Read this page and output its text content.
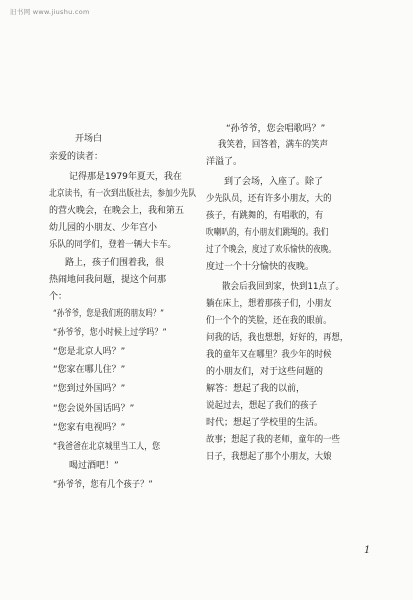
旧书网 www.jiushu.com
开场白
亲爱的读者：
记得那是1979年夏天，我在
北京读书，有一次到出版社去，参加少先队
的营火晚会，在晚会上，我和第五
幼儿园的小朋友、少年宫小
乐队的同学们，登着一辆大卡车。
路上，孩子们围着我，很
热闹地问我问题，提这个问那
个：
“孙爷爷，您是我们班的朋友吗？”
“孙爷爷，您小时候上过学吗？”
“您是北京人吗？”
“您家在哪儿住？”
“您到过外国吗？”
“您会说外国话吗？”
“您家有电视吗？”
“我爸爸在北京城里当工人，您
喝过酒吧！”
“孙爷爷，您有几个孩子？”
“孙爷爷，您会唱歌吗？”
我笑着，回答着，满车的笑声
洋溢了。
到了会场，入座了。除了
少先队员，还有许多小朋友，大的
孩子，有跳舞的，有唱歌的，有
吹喇叭的，有小朋友们跳绳的。我们
过了个晚会，度过了欢乐愉快的夜晚。
度过一个十分愉快的夜晚。
散会后我回到家，快到11点了。
躺在床上，想着那孩子们，小朋友
们一个个的笑脸，还在我的眼前。
问我的话，我也想想，好好的，再想，
我的童年又在哪里？我少年的时候
的小朋友们，对于这些问题的
解答：想起了我的以前，
说起过去，想起了我们的孩子
时代；想起了学校里的生活。
故事；想起了我的老师，童年的一些
日子，我想起了那个小朋友，大娘
1
